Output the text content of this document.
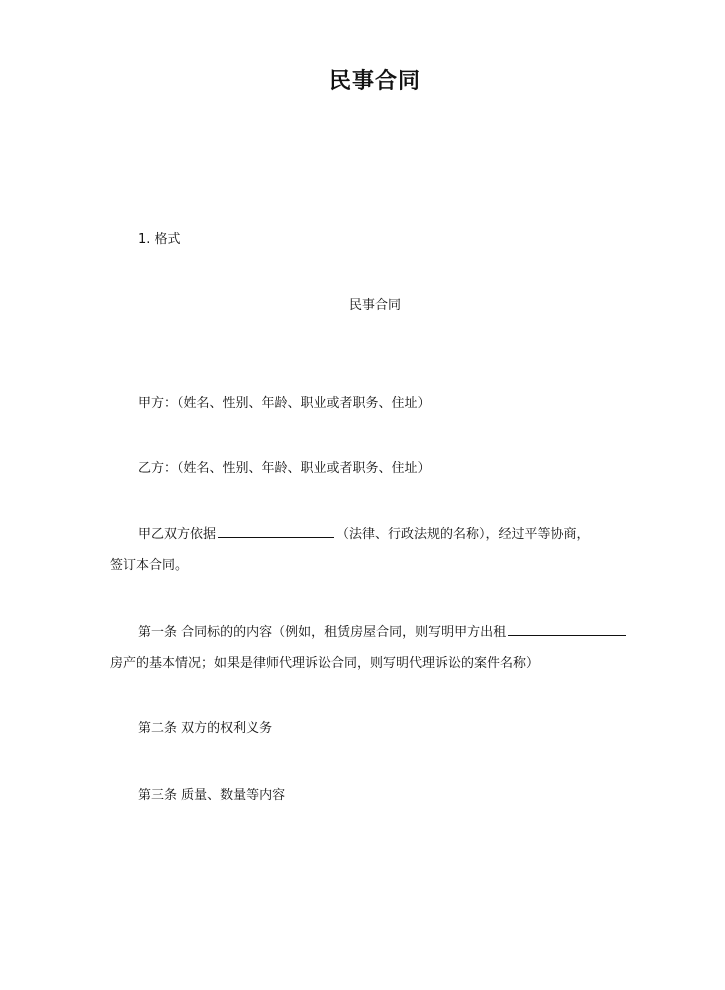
民事合同
1. 格式
民事合同
甲方：（姓名、性别、年龄、职业或者职务、住址）
乙方：（姓名、性别、年龄、职业或者职务、住址）
甲乙双方依据	（法律、行政法规的名称），经过平等协商，
签订本合同。
第一条 合同标的的内容（例如，租赁房屋合同，则写明甲方出租
房产的基本情况；如果是律师代理诉讼合同，则写明代理诉讼的案件名称）
第二条 双方的权利义务
第三条 质量、数量等内容
